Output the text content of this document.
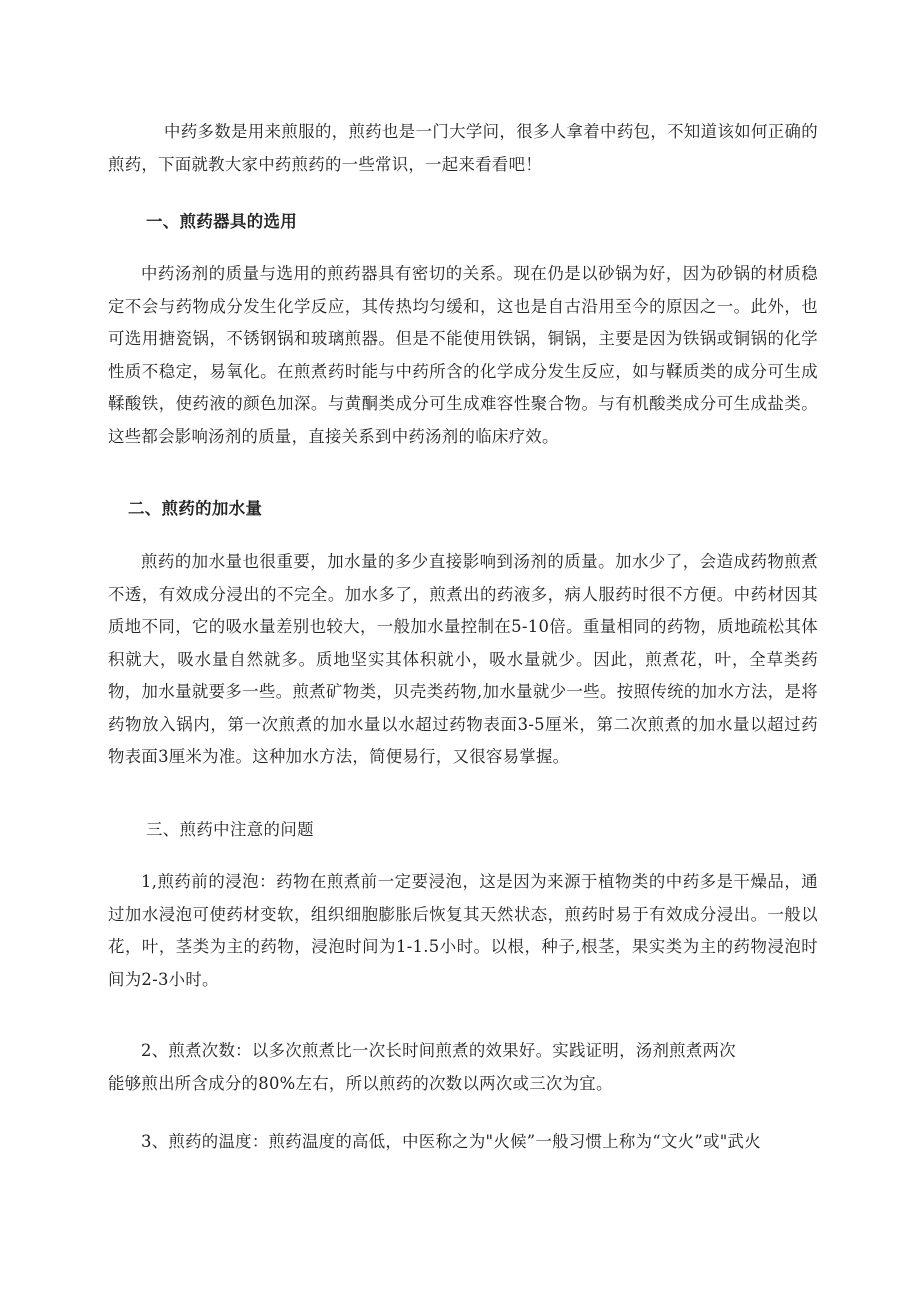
中药多数是用来煎服的，煎药也是一门大学问，很多人拿着中药包，不知道该如何正确的煎药，下面就教大家中药煎药的一些常识，一起来看看吧！

一、煎药器具的选用

中药汤剂的质量与选用的煎药器具有密切的关系。现在仍是以砂锅为好，因为砂锅的材质稳定不会与药物成分发生化学反应，其传热均匀缓和，这也是自古沿用至今的原因之一。此外，也可选用搪瓷锅，不锈钢锅和玻璃煎器。但是不能使用铁锅，铜锅，主要是因为铁锅或铜锅的化学性质不稳定，易氧化。在煎煮药时能与中药所含的化学成分发生反应，如与鞣质类的成分可生成鞣酸铁，使药液的颜色加深。与黄酮类成分可生成难容性聚合物。与有机酸类成分可生成盐类。这些都会影响汤剂的质量，直接关系到中药汤剂的临床疗效。

二、煎药的加水量

煎药的加水量也很重要，加水量的多少直接影响到汤剂的质量。加水少了，会造成药物煎煮不透，有效成分浸出的不完全。加水多了，煎煮出的药液多，病人服药时很不方便。中药材因其质地不同，它的吸水量差别也较大，一般加水量控制在5-10倍。重量相同的药物，质地疏松其体积就大，吸水量自然就多。质地坚实其体积就小，吸水量就少。因此，煎煮花，叶，全草类药物，加水量就要多一些。煎煮矿物类，贝壳类药物,加水量就少一些。按照传统的加水方法，是将药物放入锅内，第一次煎煮的加水量以水超过药物表面3-5厘米，第二次煎煮的加水量以超过药物表面3厘米为准。这种加水方法，简便易行，又很容易掌握。

三、煎药中注意的问题

1,煎药前的浸泡：药物在煎煮前一定要浸泡，这是因为来源于植物类的中药多是干燥品，通过加水浸泡可使药材变软，组织细胞膨胀后恢复其天然状态，煎药时易于有效成分浸出。一般以花，叶，茎类为主的药物，浸泡时间为1-1.5小时。以根，种子,根茎，果实类为主的药物浸泡时间为2-3小时。

2、煎煮次数：以多次煎煮比一次长时间煎煮的效果好。实践证明，汤剂煎煮两次
能够煎出所含成分的80%左右，所以煎药的次数以两次或三次为宜。

3、煎药的温度：煎药温度的高低，中医称之为"火候”一般习惯上称为“文火”或"武火
